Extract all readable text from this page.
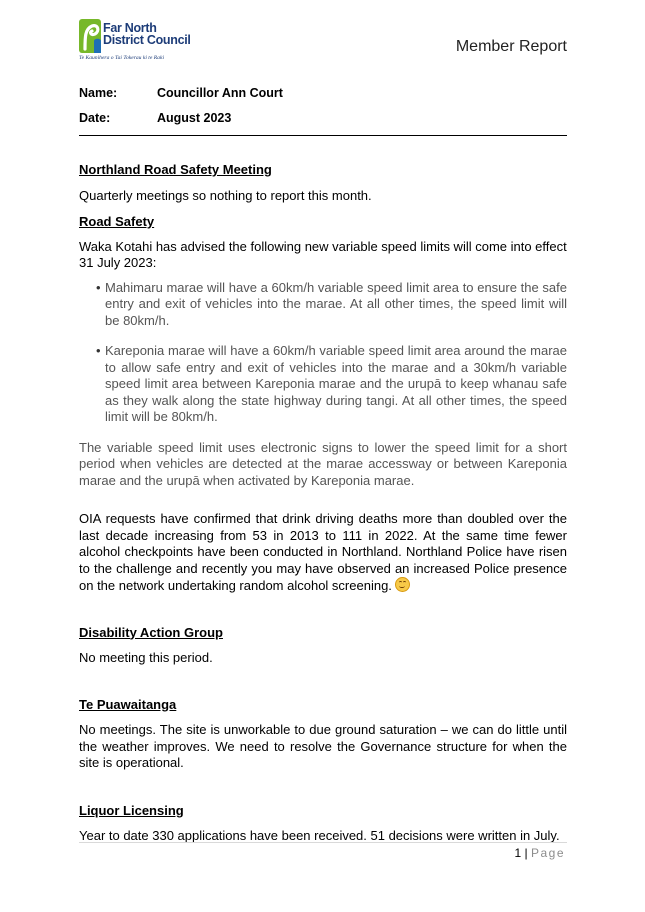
Far North
District Council
Te Kaunihera o Tai Tokerau ki te Raki
Member Report
Name:	Councillor Ann Court
Date:	August 2023
Northland Road Safety Meeting

Quarterly meetings so nothing to report this month.

Road Safety

Waka Kotahi has advised the following new variable speed limits will come into effect 31 July 2023:

Mahimaru marae will have a 60km/h variable speed limit area to ensure the safe entry and exit of vehicles into the marae. At all other times, the speed limit will be 80km/h.
Kareponia marae will have a 60km/h variable speed limit area around the marae to allow safe entry and exit of vehicles into the marae and a 30km/h variable speed limit area between Kareponia marae and the urupā to keep whanau safe as they walk along the state highway during tangi. At all other times, the speed limit will be 80km/h.

The variable speed limit uses electronic signs to lower the speed limit for a short period when vehicles are detected at the marae accessway or between Kareponia marae and the urupā when activated by Kareponia marae.

OIA requests have confirmed that drink driving deaths more than doubled over the last decade increasing from 53 in 2013 to 111 in 2022. At the same time fewer alcohol checkpoints have been conducted in Northland. Northland Police have risen to the challenge and recently you may have observed an increased Police presence on the network undertaking random alcohol screening.

Disability Action Group

No meeting this period.

Te Puawaitanga

No meetings. The site is unworkable to due ground saturation – we can do little until the weather improves. We need to resolve the Governance structure for when the site is operational.

Liquor Licensing

Year to date 330 applications have been received. 51 decisions were written in July.

1 | Page
